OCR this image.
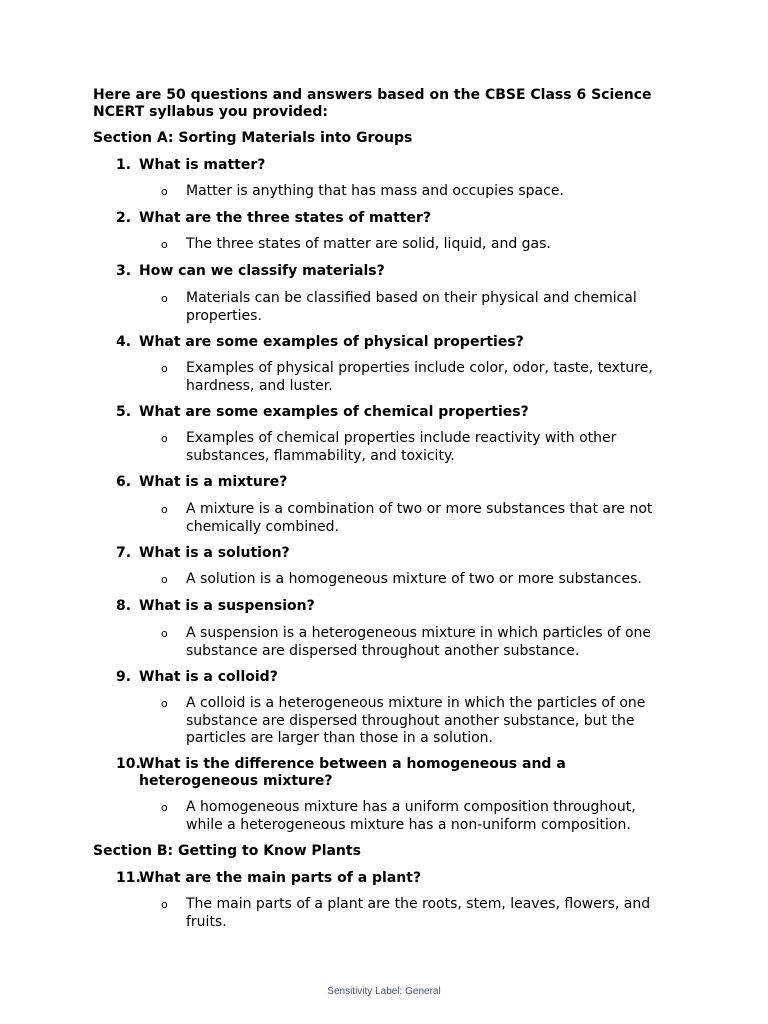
Here are 50 questions and answers based on the CBSE Class 6 Science NCERT syllabus you provided:

Section A: Sorting Materials into Groups

1. What is matter?
o Matter is anything that has mass and occupies space.
2. What are the three states of matter?
o The three states of matter are solid, liquid, and gas.
3. How can we classify materials?
o Materials can be classified based on their physical and chemical properties.
4. What are some examples of physical properties?
o Examples of physical properties include color, odor, taste, texture, hardness, and luster.
5. What are some examples of chemical properties?
o Examples of chemical properties include reactivity with other substances, flammability, and toxicity.
6. What is a mixture?
o A mixture is a combination of two or more substances that are not chemically combined.
7. What is a solution?
o A solution is a homogeneous mixture of two or more substances.
8. What is a suspension?
o A suspension is a heterogeneous mixture in which particles of one substance are dispersed throughout another substance.
9. What is a colloid?
o A colloid is a heterogeneous mixture in which the particles of one substance are dispersed throughout another substance, but the particles are larger than those in a solution.
10.
What is the difference between a homogeneous and a heterogeneous mixture?
o A homogeneous mixture has a uniform composition throughout, while a heterogeneous mixture has a non-uniform composition.

Section B: Getting to Know Plants

11.
What are the main parts of a plant?
o The main parts of a plant are the roots, stem, leaves, flowers, and fruits.
Sensitivity Label: General
